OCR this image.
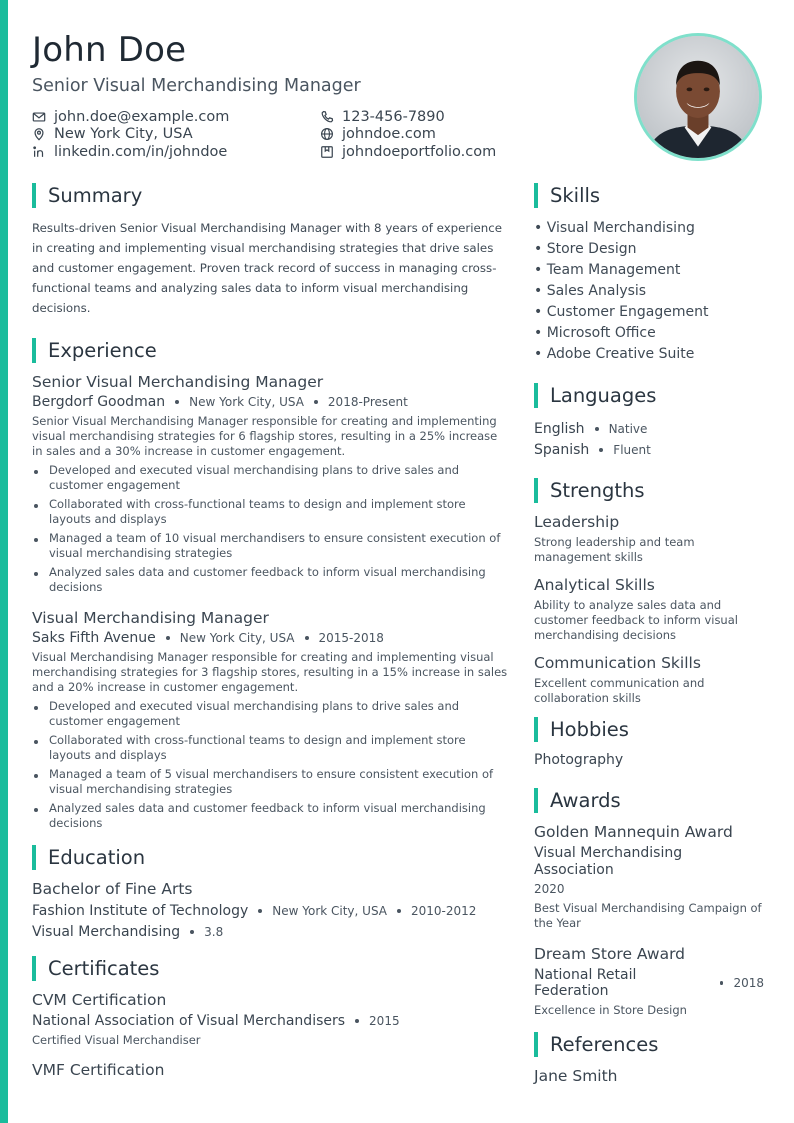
John Doe
Senior Visual Merchandising Manager
john.doe@example.com
New York City, USA
linkedin.com/in/johndoe
123-456-7890
johndoe.com
johndoeportfolio.com
Summary

Results-driven Senior Visual Merchandising Manager with 8 years of experience in creating and implementing visual merchandising strategies that drive sales and customer engagement. Proven track record of success in managing cross-functional teams and analyzing sales data to inform visual merchandising decisions.

Experience
Senior Visual Merchandising Manager
Bergdorf Goodman New York City, USA 2018-Present

Senior Visual Merchandising Manager responsible for creating and implementing visual merchandising strategies for 6 flagship stores, resulting in a 25% increase in sales and a 30% increase in customer engagement.

Developed and executed visual merchandising plans to drive sales and customer engagement
Collaborated with cross-functional teams to design and implement store layouts and displays
Managed a team of 10 visual merchandisers to ensure consistent execution of visual merchandising strategies
Analyzed sales data and customer feedback to inform visual merchandising decisions
Visual Merchandising Manager
Saks Fifth Avenue New York City, USA 2015-2018

Visual Merchandising Manager responsible for creating and implementing visual merchandising strategies for 3 flagship stores, resulting in a 15% increase in sales and a 20% increase in customer engagement.

Developed and executed visual merchandising plans to drive sales and customer engagement
Collaborated with cross-functional teams to design and implement store layouts and displays
Managed a team of 5 visual merchandisers to ensure consistent execution of visual merchandising strategies
Analyzed sales data and customer feedback to inform visual merchandising decisions
Education
Bachelor of Fine Arts
Fashion Institute of Technology New York City, USA 2010-2012
Visual Merchandising 3.8
Certificates
CVM Certification
National Association of Visual Merchandisers 2015
Certified Visual Merchandiser
VMF Certification
Skills
• Visual Merchandising
• Store Design
• Team Management
• Sales Analysis
• Customer Engagement
• Microsoft Office
• Adobe Creative Suite
Languages
English Native
Spanish Fluent
Strengths
Leadership
Strong leadership and team management skills
Analytical Skills
Ability to analyze sales data and customer feedback to inform visual merchandising decisions
Communication Skills
Excellent communication and collaboration skills
Hobbies
Photography
Awards
Golden Mannequin Award
Visual Merchandising Association
2020
Best Visual Merchandising Campaign of the Year
Dream Store Award
National Retail Federation	2018
Excellence in Store Design
References
Jane Smith
